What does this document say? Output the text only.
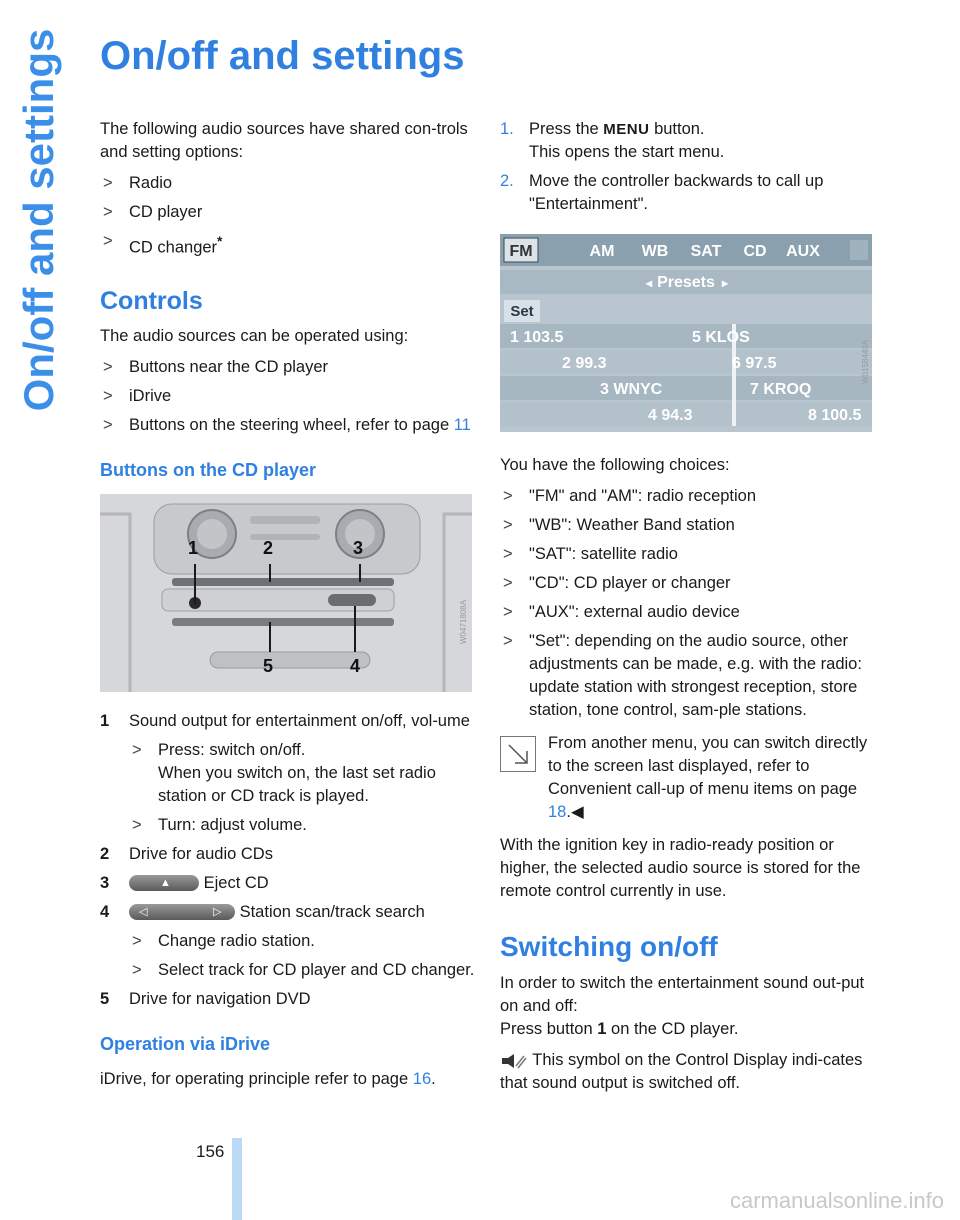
On/off and settings
156
carmanualsonline.info
On/off and settings

The following audio sources have shared con-trols and setting options:

> Radio
> CD player
> CD changer*
Controls

The audio sources can be operated using:

> Buttons near the CD player
> iDrive
> Buttons on the steering wheel, refer to page 11
Buttons on the CD player
1	2	3
4
5
W0471808A
1	Sound output for entertainment on/off, vol-ume
> Press: switch on/off.
When you switch on, the last set radio station or CD track is played.
> Turn: adjust volume.
2	Drive for audio CDs
3	▲ Eject CD
4	◁	▷ Station scan/track search
> Change radio station.
> Select track for CD player and CD changer.
5	Drive for navigation DVD
Operation via iDrive

iDrive, for operating principle refer to page 16.

1. Press the MENU button.
This opens the start menu.
2. Move the controller backwards to call up "Entertainment".
FM	AM WB SAT CD AUX
◂ Presets ▸
Set
1 103.5	5 KLOS
2 99.3	6 97.5
3 WNYC	7 KROQ
4 94.3	8 100.5
W0158440A

You have the following choices:

> "FM" and "AM": radio reception
> "WB": Weather Band station
> "SAT": satellite radio
> "CD": CD player or changer
> "AUX": external audio device
> "Set": depending on the audio source, other adjustments can be made, e.g. with the radio: update station with strongest reception, store station, tone control, sam-ple stations.
From another menu, you can switch directly to the screen last displayed, refer to Convenient call-up of menu items on page 18.◀

With the ignition key in radio-ready position or higher, the selected audio source is stored for the remote control currently in use.

Switching on/off

In order to switch the entertainment sound out-put on and off:

Press button 1 on the CD player.

This symbol on the Control Display indi-cates that sound output is switched off.
